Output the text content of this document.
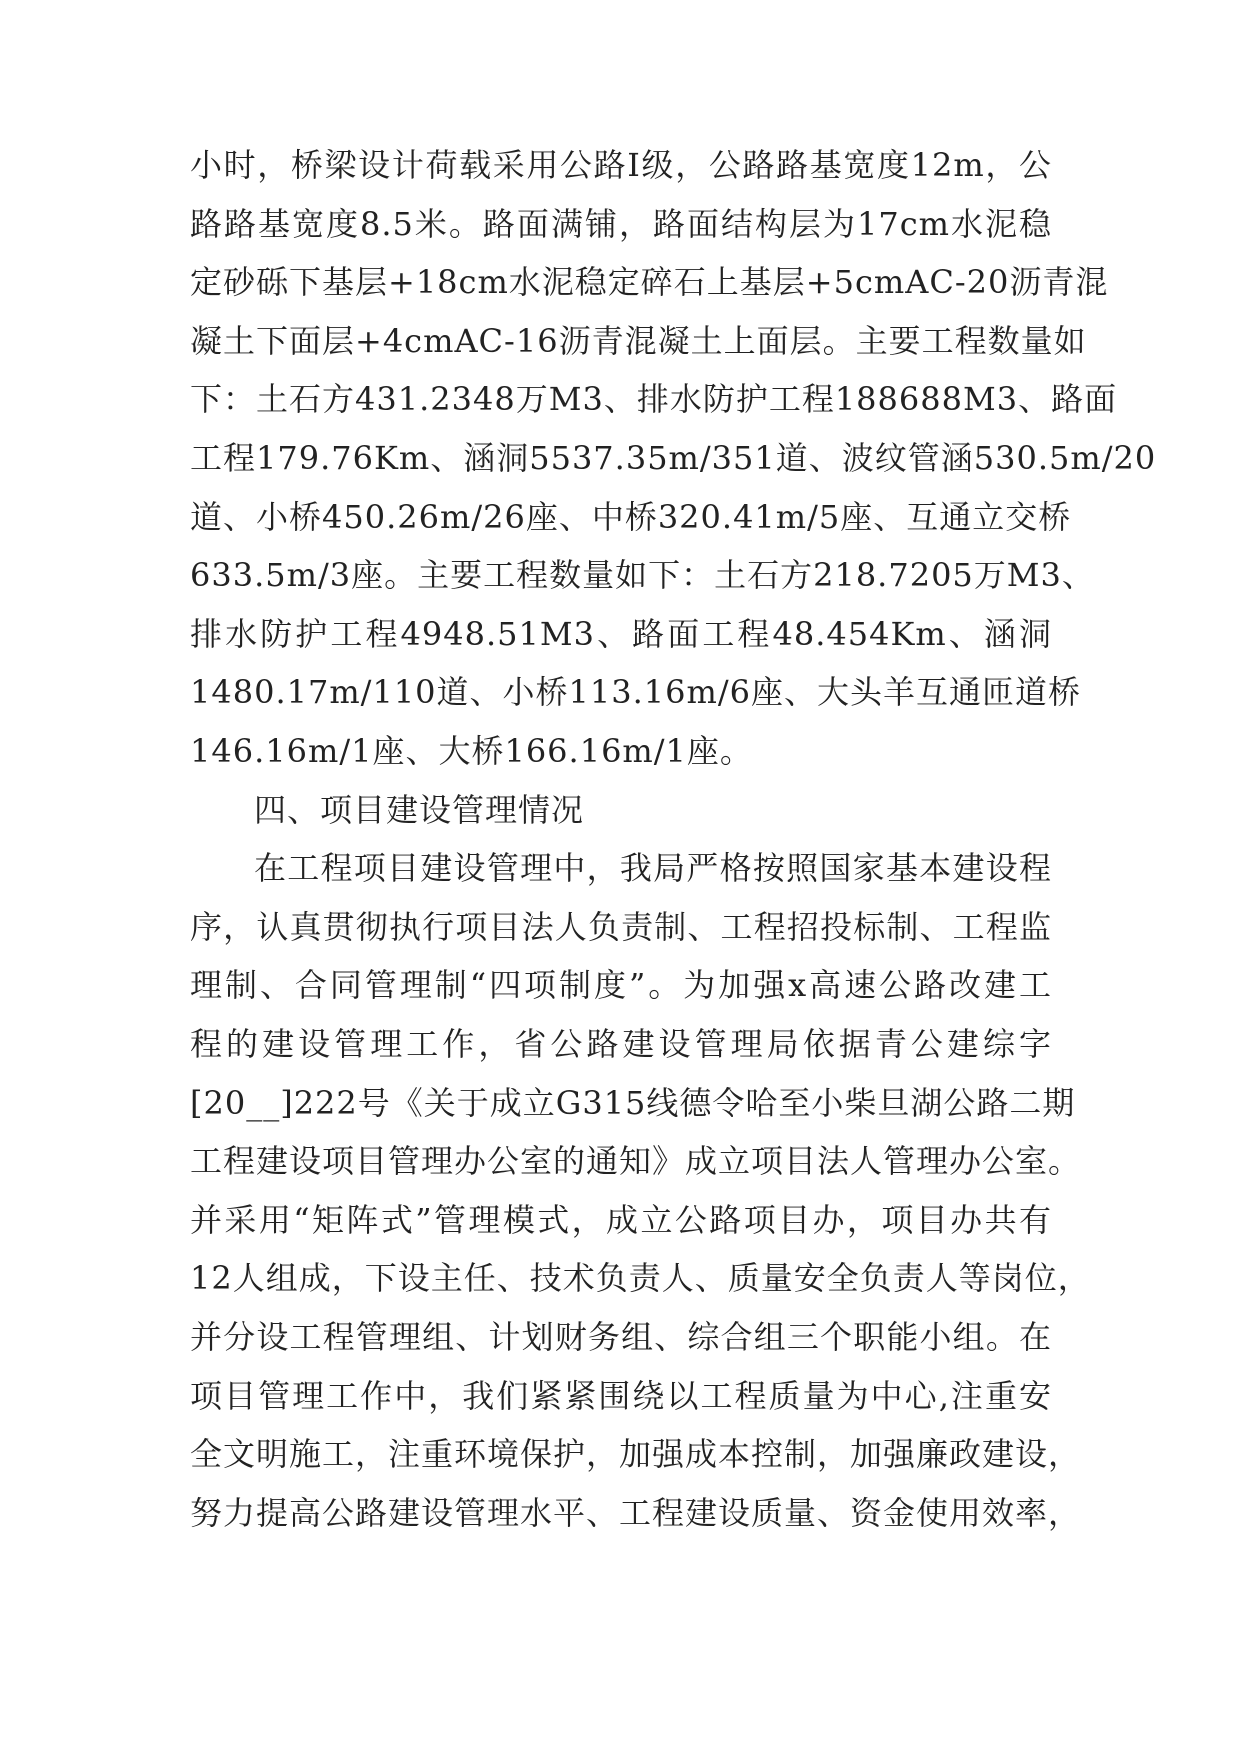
小时，桥梁设计荷载采用公路Ⅰ级，公路路基宽度12m，公
路路基宽度8.5米。路面满铺，路面结构层为17cm水泥稳
定砂砾下基层+18cm水泥稳定碎石上基层+5cmAC-20沥青混
凝土下面层+4cmAC-16沥青混凝土上面层。主要工程数量如
下：土石方431.2348万M3、排水防护工程188688M3、路面
工程179.76Km、涵洞5537.35m/351道、波纹管涵530.5m/20
道、小桥450.26m/26座、中桥320.41m/5座、互通立交桥
633.5m/3座。主要工程数量如下：土石方218.7205万M3、
排水防护工程4948.51M3、路面工程48.454Km、涵洞
1480.17m/110道、小桥113.16m/6座、大头羊互通匝道桥
146.16m/1座、大桥166.16m/1座。
四、项目建设管理情况
在工程项目建设管理中，我局严格按照国家基本建设程
序，认真贯彻执行项目法人负责制、工程招投标制、工程监
理制、合同管理制“四项制度”。为加强x高速公路改建工
程的建设管理工作，省公路建设管理局依据青公建综字
[20__]222号《关于成立G315线德令哈至小柴旦湖公路二期
工程建设项目管理办公室的通知》成立项目法人管理办公室。
并采用“矩阵式”管理模式，成立公路项目办，项目办共有
12人组成，下设主任、技术负责人、质量安全负责人等岗位，
并分设工程管理组、计划财务组、综合组三个职能小组。在
项目管理工作中，我们紧紧围绕以工程质量为中心,注重安
全文明施工，注重环境保护，加强成本控制，加强廉政建设，
努力提高公路建设管理水平、工程建设质量、资金使用效率，
